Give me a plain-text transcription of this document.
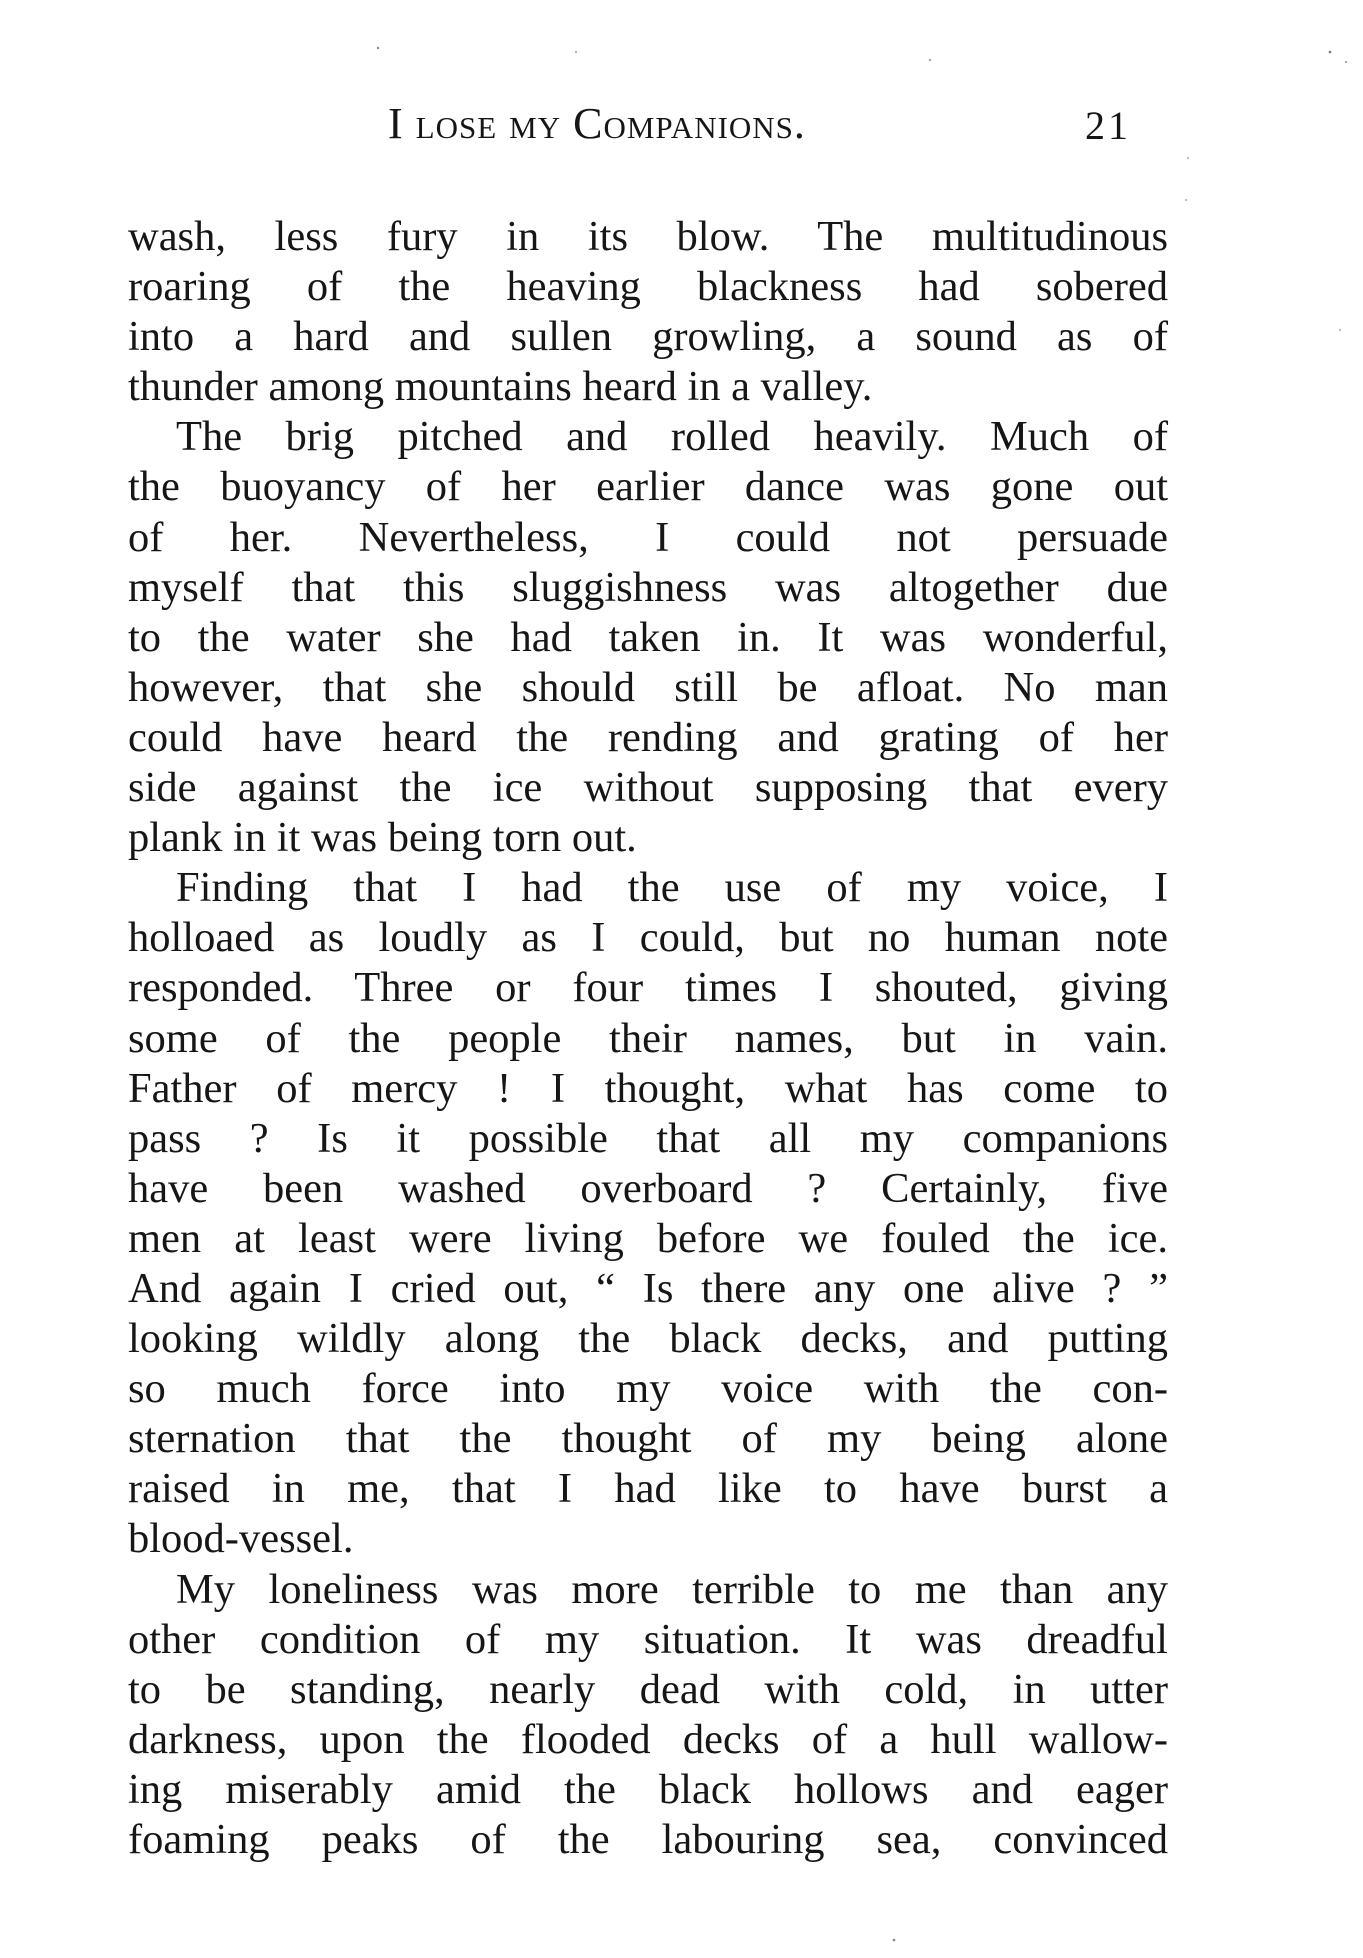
I lose my Companions.	21
wash, less fury in its blow. The multitudinous
roaring of the heaving blackness had sobered
into a hard and sullen growling, a sound as of
thunder among mountains heard in a valley.
The brig pitched and rolled heavily. Much of
the buoyancy of her earlier dance was gone out
of her. Nevertheless, I could not persuade
myself that this sluggishness was altogether due
to the water she had taken in. It was wonderful,
however, that she should still be afloat. No man
could have heard the rending and grating of her
side against the ice without supposing that every
plank in it was being torn out.
Finding that I had the use of my voice, I
holloaed as loudly as I could, but no human note
responded. Three or four times I shouted, giving
some of the people their names, but in vain.
Father of mercy ! I thought, what has come to
pass ? Is it possible that all my companions
have been washed overboard ? Certainly, five
men at least were living before we fouled the ice.
And again I cried out, “ Is there any one alive ? ”
looking wildly along the black decks, and putting
so much force into my voice with the con-
sternation that the thought of my being alone
raised in me, that I had like to have burst a
blood-vessel.
My loneliness was more terrible to me than any
other condition of my situation. It was dreadful
to be standing, nearly dead with cold, in utter
darkness, upon the flooded decks of a hull wallow-
ing miserably amid the black hollows and eager
foaming peaks of the labouring sea, convinced
